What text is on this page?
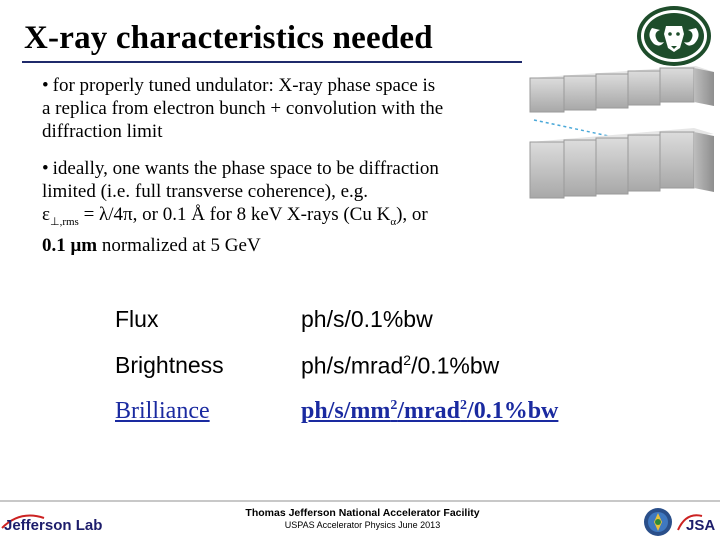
X-ray characteristics needed

• for properly tuned undulator: X-ray phase space is
a replica from electron bunch + convolution with the
diffraction limit

• ideally, one wants the phase space to be diffraction
limited (i.e. full transverse coherence), e.g.
$\varepsilon_{\perp,rms} = \lambda/4\pi$, or 0.1 Å for 8 keV X-rays (Cu $K_\alpha$), or
0.1 μm normalized at 5 GeV

Flux	ph/s/0.1%bw
Brightness	ph/s/mrad$^2$/0.1%bw
Brilliance	$ph/s/mm^2/mrad^2/0.1\%bw$
Jefferson Lab
Thomas Jefferson National Accelerator Facility
USPAS Accelerator Physics June 2013	JSA
